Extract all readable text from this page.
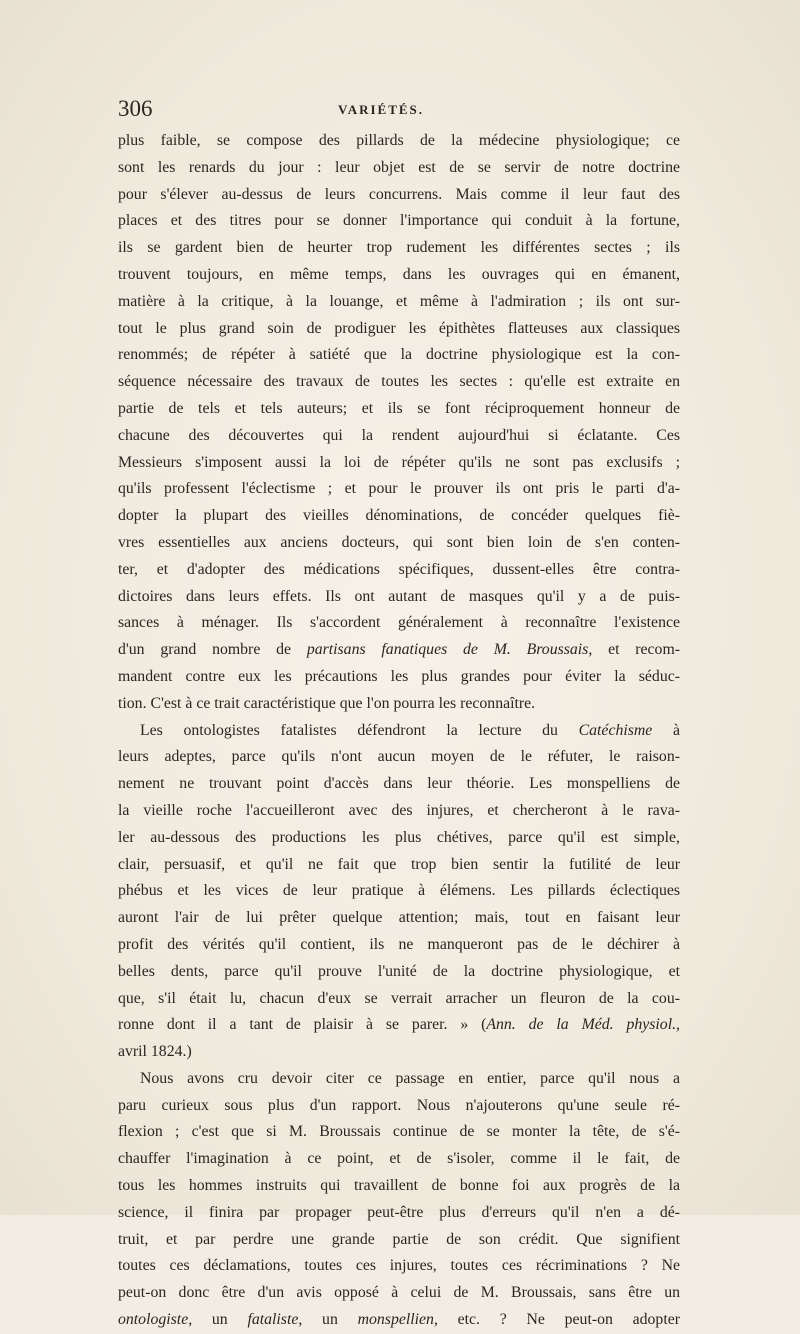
306	VARIÉTÉS.
plus faible, se compose des pillards de la médecine physiologique; ce
sont les renards du jour : leur objet est de se servir de notre doctrine
pour s'élever au-dessus de leurs concurrens. Mais comme il leur faut des
places et des titres pour se donner l'importance qui conduit à la fortune,
ils se gardent bien de heurter trop rudement les différentes sectes ; ils
trouvent toujours, en même temps, dans les ouvrages qui en émanent,
matière à la critique, à la louange, et même à l'admiration ; ils ont sur-
tout le plus grand soin de prodiguer les épithètes flatteuses aux classiques
renommés; de répéter à satiété que la doctrine physiologique est la con-
séquence nécessaire des travaux de toutes les sectes : qu'elle est extraite en
partie de tels et tels auteurs; et ils se font réciproquement honneur de
chacune des découvertes qui la rendent aujourd'hui si éclatante. Ces
Messieurs s'imposent aussi la loi de répéter qu'ils ne sont pas exclusifs ;
qu'ils professent l'éclectisme ; et pour le prouver ils ont pris le parti d'a-
dopter la plupart des vieilles dénominations, de concéder quelques fiè-
vres essentielles aux anciens docteurs, qui sont bien loin de s'en conten-
ter, et d'adopter des médications spécifiques, dussent-elles être contra-
dictoires dans leurs effets. Ils ont autant de masques qu'il y a de puis-
sances à ménager. Ils s'accordent généralement à reconnaître l'existence
d'un grand nombre de partisans fanatiques de M. Broussais, et recom-
mandent contre eux les précautions les plus grandes pour éviter la séduc-
tion. C'est à ce trait caractéristique que l'on pourra les reconnaître.
Les ontologistes fatalistes défendront la lecture du Catéchisme à
leurs adeptes, parce qu'ils n'ont aucun moyen de le réfuter, le raison-
nement ne trouvant point d'accès dans leur théorie. Les monspelliens de
la vieille roche l'accueilleront avec des injures, et chercheront à le rava-
ler au-dessous des productions les plus chétives, parce qu'il est simple,
clair, persuasif, et qu'il ne fait que trop bien sentir la futilité de leur
phébus et les vices de leur pratique à élémens. Les pillards éclectiques
auront l'air de lui prêter quelque attention; mais, tout en faisant leur
profit des vérités qu'il contient, ils ne manqueront pas de le déchirer à
belles dents, parce qu'il prouve l'unité de la doctrine physiologique, et
que, s'il était lu, chacun d'eux se verrait arracher un fleuron de la cou-
ronne dont il a tant de plaisir à se parer. » (Ann. de la Méd. physiol.,
avril 1824.)
Nous avons cru devoir citer ce passage en entier, parce qu'il nous a
paru curieux sous plus d'un rapport. Nous n'ajouterons qu'une seule ré-
flexion ; c'est que si M. Broussais continue de se monter la tête, de s'é-
chauffer l'imagination à ce point, et de s'isoler, comme il le fait, de
tous les hommes instruits qui travaillent de bonne foi aux progrès de la
science, il finira par propager peut-être plus d'erreurs qu'il n'en a dé-
truit, et par perdre une grande partie de son crédit. Que signifient
toutes ces déclamations, toutes ces injures, toutes ces récriminations ? Ne
peut-on donc être d'un avis opposé à celui de M. Broussais, sans être un
ontologiste, un fataliste, un monspellien, etc. ? Ne peut-on adopter
